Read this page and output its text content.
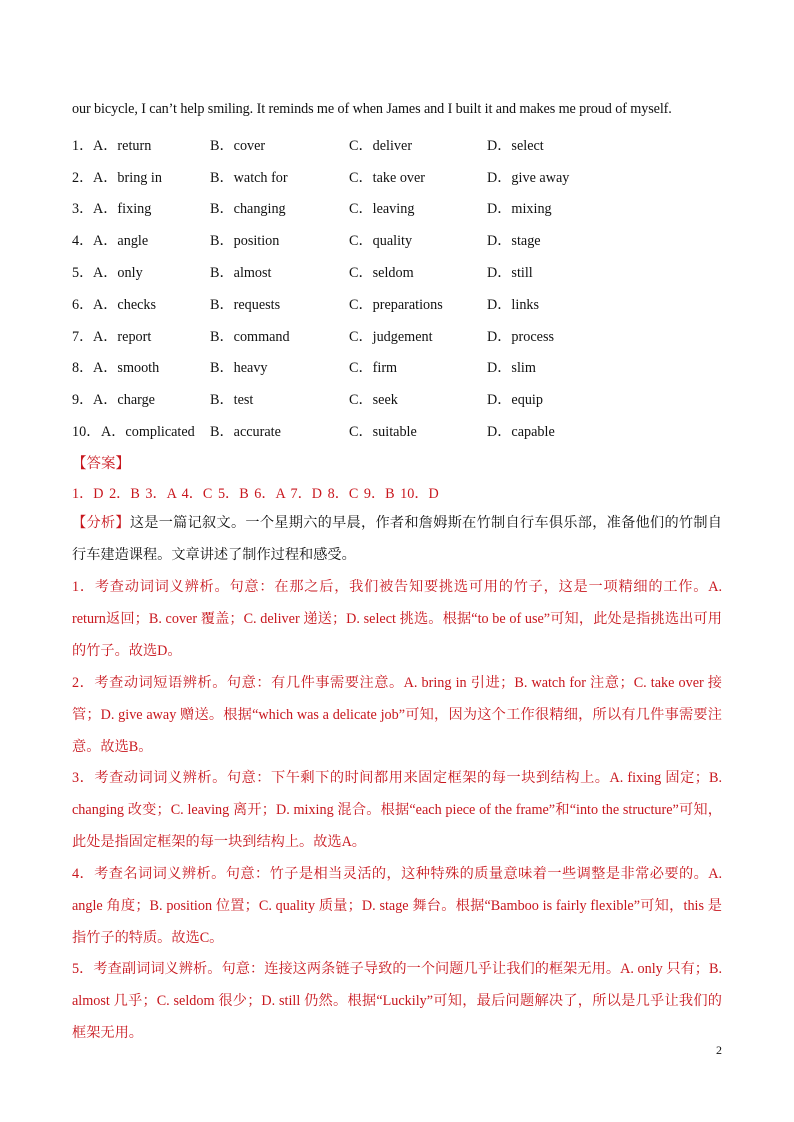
our bicycle, I can’t help smiling. It reminds me of when James and I built it and makes me proud of myself.
1． A．return	B．cover	C．deliver	D．select
2． A．bring in	B．watch for	C．take over	D．give away
3． A．fixing	B．changing	C．leaving	D．mixing
4． A．angle	B．position	C．quality	D．stage
5． A．only	B．almost	C．seldom	D．still
6． A．checks	B．requests	C．preparations	D．links
7． A．report	B．command	C．judgement	D．process
8． A．smooth	B．heavy	C．firm	D．slim
9． A．charge	B．test	C．seek	D．equip
10． A．complicated B．accurate	C．suitable	D．capable
【答案】
1．D 2．B 3．A 4．C 5．B 6．A 7．D 8．C 9．B 10．D
【分析】这是一篇记叙文。一个星期六的早晨，作者和詹姆斯在竹制自行车俱乐部，准备他们的竹制自行车建造课程。文章讲述了制作过程和感受。
1．考查动词词义辨析。句意：在那之后，我们被告知要挑选可用的竹子，这是一项精细的工作。A. return返回；B. cover 覆盖；C. deliver 递送；D. select 挑选。根据“to be of use”可知，此处是指挑选出可用的竹子。故选D。
2．考查动词短语辨析。句意：有几件事需要注意。A. bring in 引进；B. watch for 注意；C. take over 接管；D. give away 赠送。根据“which was a delicate job”可知，因为这个工作很精细，所以有几件事需要注意。故选B。
3．考查动词词义辨析。句意：下午剩下的时间都用来固定框架的每一块到结构上。A. fixing 固定；B. changing 改变；C. leaving 离开；D. mixing 混合。根据“each piece of the frame”和“into the structure”可知，此处是指固定框架的每一块到结构上。故选A。
4．考查名词词义辨析。句意：竹子是相当灵活的，这种特殊的质量意味着一些调整是非常必要的。A. angle 角度；B. position 位置；C. quality 质量；D. stage 舞台。根据“Bamboo is fairly flexible”可知，this 是指竹子的特质。故选C。
5．考查副词词义辨析。句意：连接这两条链子导致的一个问题几乎让我们的框架无用。A. only 只有；B. almost 几乎；C. seldom 很少；D. still 仍然。根据“Luckily”可知，最后问题解决了，所以是几乎让我们的框架无用。
2
